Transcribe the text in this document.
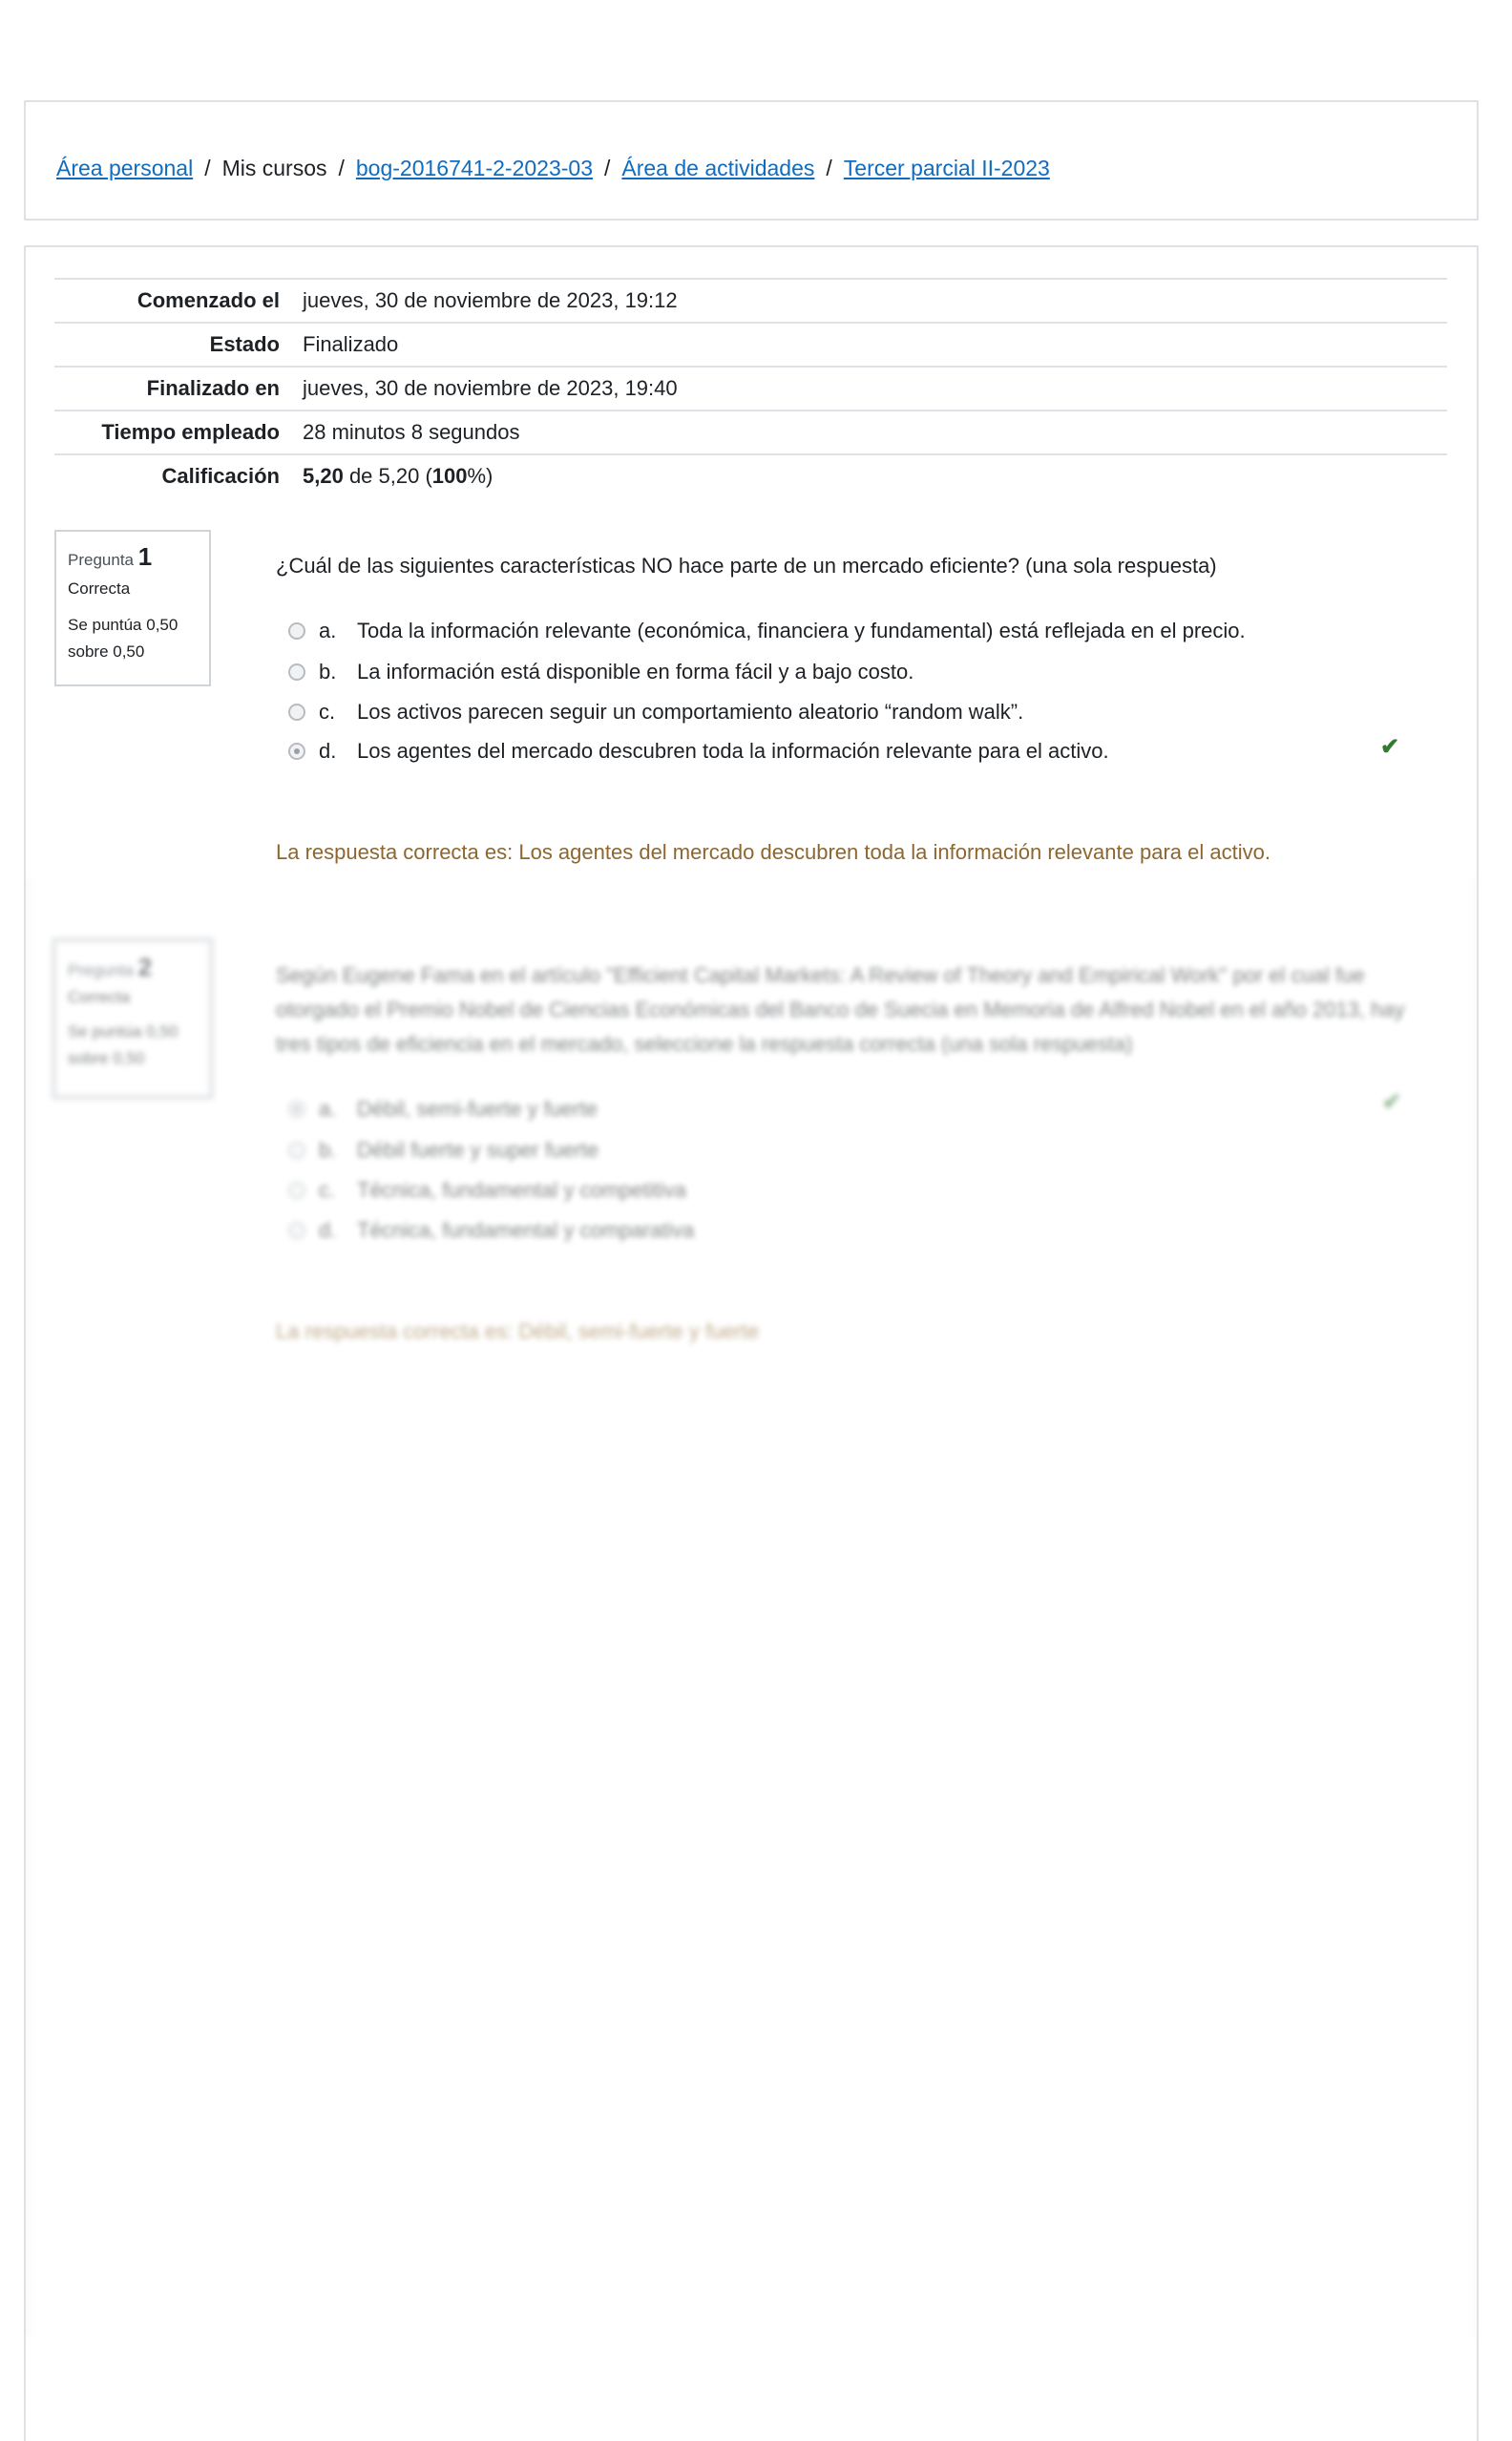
Área personal / Mis cursos / bog-2016741-2-2023-03 / Área de actividades / Tercer parcial II-2023
Comenzado el	jueves, 30 de noviembre de 2023, 19:12
Estado	Finalizado
Finalizado en	jueves, 30 de noviembre de 2023, 19:40
Tiempo empleado	28 minutos 8 segundos
Calificación	5,20 de 5,20 (100%)
Pregunta 1
Correcta
Se puntúa 0,50 sobre 0,50
¿Cuál de las siguientes características NO hace parte de un mercado eficiente? (una sola respuesta)
a. Toda la información relevante (económica, financiera y fundamental) está reflejada en el precio.
b. La información está disponible en forma fácil y a bajo costo.
c.	Los activos parecen seguir un comportamiento aleatorio “random walk”.
d. Los agentes del mercado descubren toda la información relevante para el activo.	✔
La respuesta correcta es: Los agentes del mercado descubren toda la información relevante para el activo.
Pregunta 2
Correcta
Se puntúa 0,50 sobre 0,50
Según Eugene Fama en el artículo "Efficient Capital Markets: A Review of Theory and Empirical Work" por el cual fue otorgado el Premio Nobel de Ciencias Económicas del Banco de Suecia en Memoria de Alfred Nobel en el año 2013, hay tres tipos de eficiencia en el mercado, seleccione la respuesta correcta (una sola respuesta)
a. Débil, semi-fuerte y fuerte
b. Débil fuerte y super fuerte
c.	Técnica, fundamental y competitiva
d. Técnica, fundamental y comparativa
✔
La respuesta correcta es: Débil, semi-fuerte y fuerte
